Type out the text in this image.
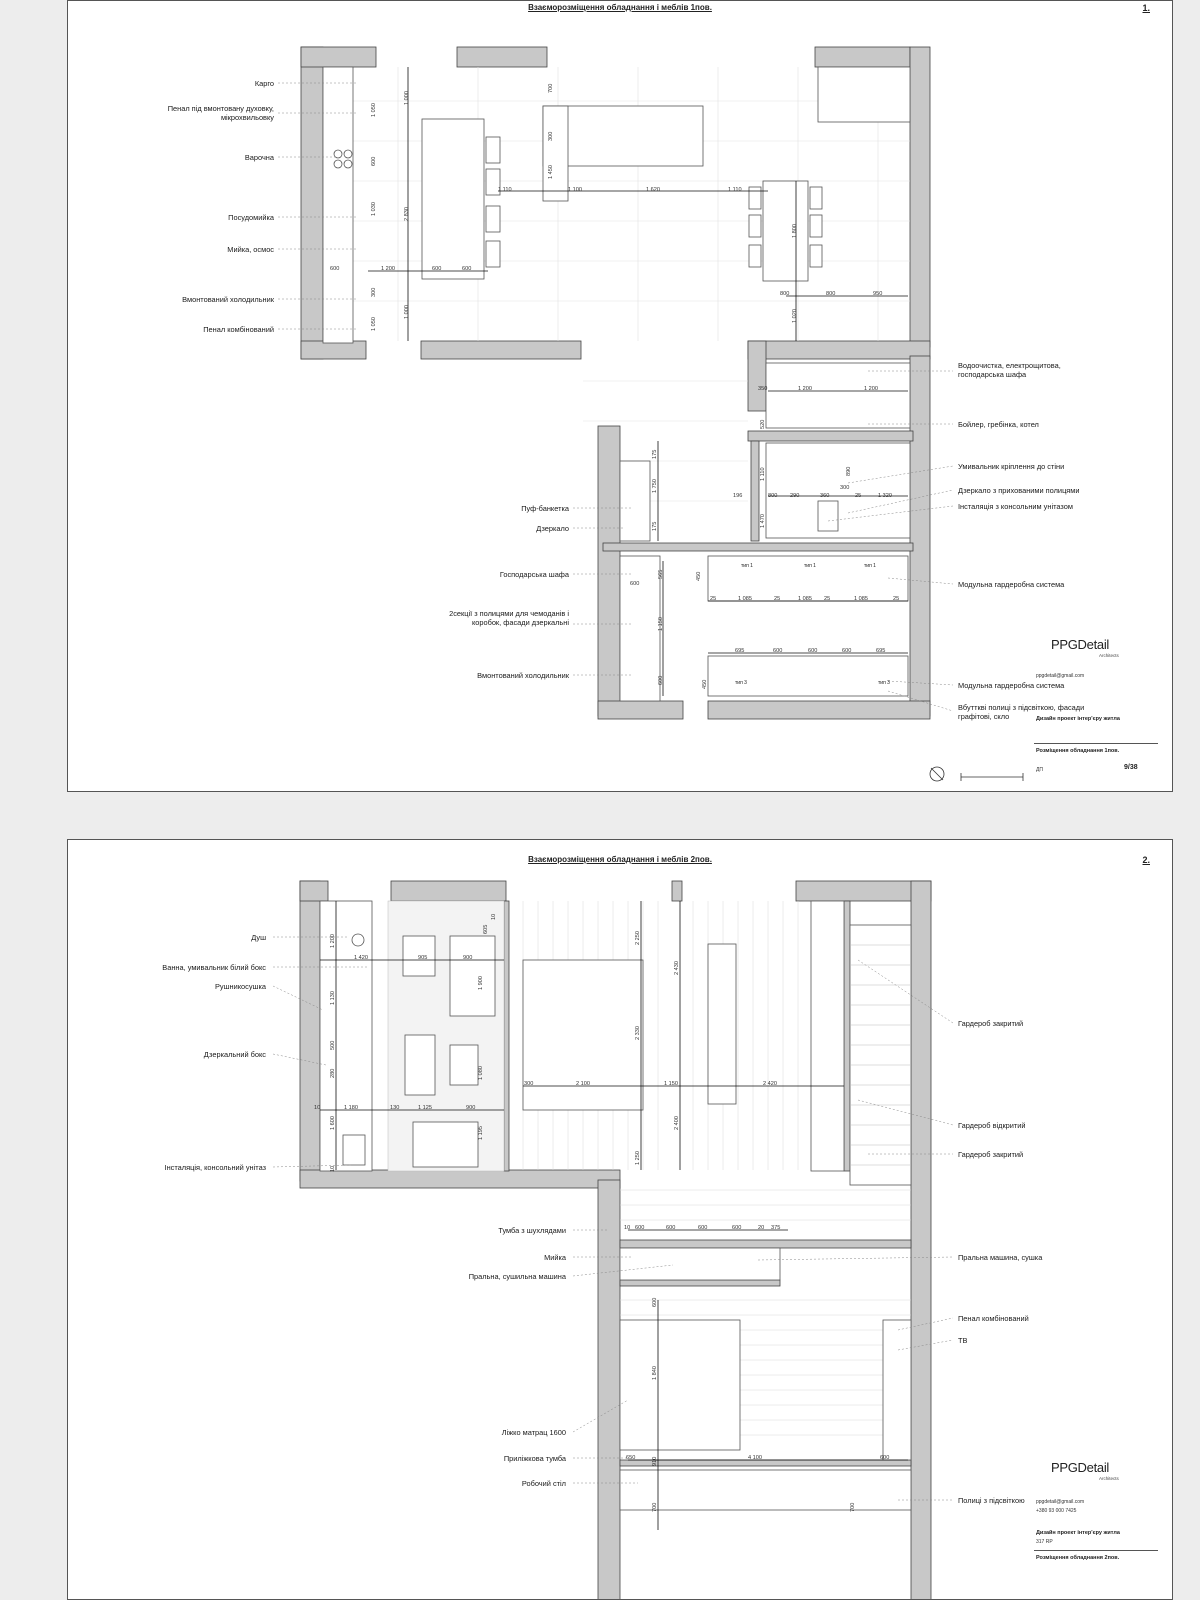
Взаєморозміщення обладнання і меблів 1пов.	1.
Карго
Пенал під вмонтовану духовку, мікрохвильовку
Варочна
Посудомийка
Мийка, осмос
Вмонтований холодильник
Пенал комбінований
Пуф-банкетка
Дзеркало
Господарська шафа
2секції з полицями для чемоданів і коробок, фасади дзеркальні
Вмонтований холодильник
Водоочистка, електрощитова, господарська шафа
Бойлер, гребінка, котел
Умивальник кріплення до стіни
Дзеркало з прихованими полицями
Інсталяція з консольним унітазом
Модульна гардеробна система
Модульна гардеробна система
Вбутткві полиці з підсвіткою, фасади графітові, скло
1 050
1 000
700
300
600
1 450
1 100	1 620
1 110	1 110
1 030	2 830
1 800
600	1 200	600	600
800	800	950
300
1 050
1 000	1 020
350	1 200	1 200
520
175
1 750
175
890
1 110
300
196	800 290	360	25	1 320
1 470
600
565	450
1 150
600
25	1 085	25	1 085 25	1 085	25
695	600	600	600	695
450
тип 1	тип 1	тип 1
тип 3	тип 3
PPGDetail
Architects
ppgdetail@gmail.com
Дизайн проект інтер'єру житла
Розміщення обладнання 1пов.
ДП	9/38
Взаєморозміщення обладнання і меблів 2пов.	2.
Душ
Ванна, умивальник білий бокс
Рушникосушка
Дзеркальний бокс
Інсталяція, консольний унітаз
Тумба з шухлядами
Мийка
Пральна, сушильна машина
Ліжко матрац 1600
Приліжкова тумба
Робочий стіл
Гардероб закритий
Гардероб відкритий
Гардероб закритий
Пральна машина, сушка
Пенал комбінований
ТВ
Полиці з підсвіткою
1 200
605
10
1 420	905	900
1 130
500
280
1 900
1 080
10	1 180	130	1 125	900
1 600
1 195
10
2 250
2 430
2 330
300	2 100	1 150	2 420
2 400
1 250
10 600	600	600	600	20 375
600
1 840
650	910	4 100	600
700	700
PPGDetail
Architects
ppgdetail@gmail.com
+380 93 000 7425
Дизайн проект інтер'єру житла
317 RP
Розміщення обладнання 2пов.
